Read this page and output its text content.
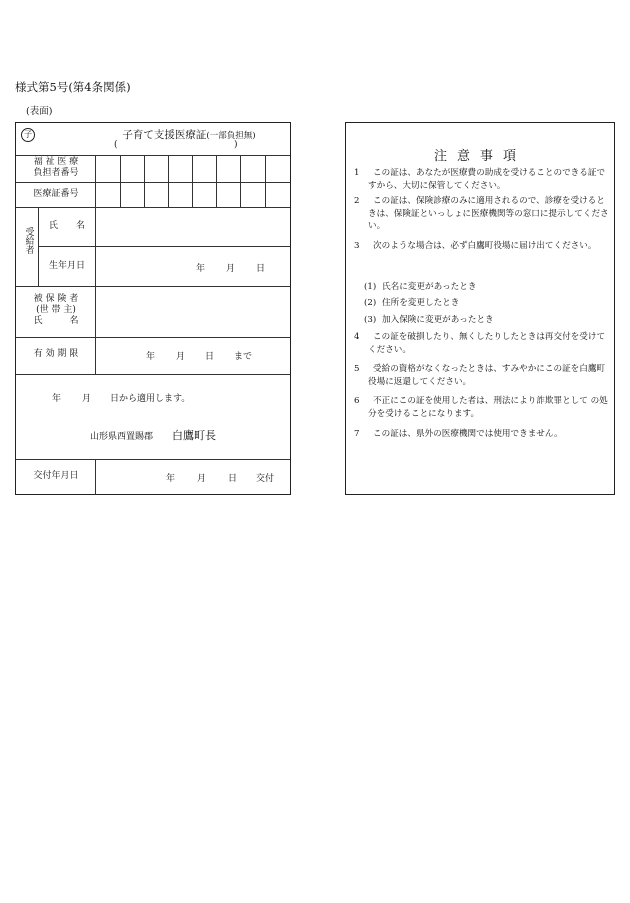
様式第5号(第4条関係)
(表面)
子	子育て支援医療証(一部負担無)
(	)
福 祉 医 療
負担者番号
医療証番号
受給者
氏　　名
生年月日	年 月 日
被 保 険 者
(世 帯 主)
氏　　　名
有 効 期 限	年 月 日 まで
年 月 日から適用します。
山形県西置賜郡 白鷹町長
交付年月日	年 月 日 交付
注意事項
1	この証は、あなたが医療費の助成を受けることのできる証ですから、大切に保管してください。
2	この証は、保険診療のみに適用されるので、診療を受けるときは、保険証といっしょに医療機関等の窓口に提示してください。
3	次のような場合は、必ず白鷹町役場に届け出てください。
(1) 氏名に変更があったとき
(2) 住所を変更したとき
(3) 加入保険に変更があったとき
4	この証を破損したり、無くしたりしたときは再交付を受けてください。
5	受給の資格がなくなったときは、すみやかにこの証を白鷹町役場に返還してください。
6	不正にこの証を使用した者は、刑法により詐欺罪として の処分を受けることになります。
7	この証は、県外の医療機関では使用できません。
